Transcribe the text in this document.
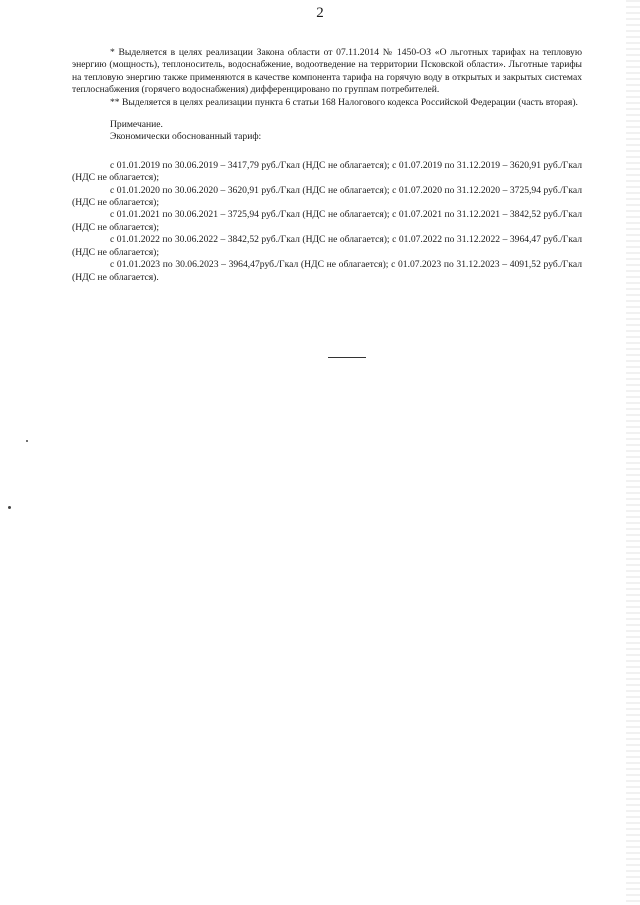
2

* Выделяется в целях реализации Закона области от 07.11.2014 № 1450-ОЗ «О льготных тарифах на тепловую энергию (мощность), теплоноситель, водоснабжение, водоотведение на территории Псковской области». Льготные тарифы на тепловую энергию также применяются в качестве компонента тарифа на горячую воду в открытых и закрытых системах теплоснабжения (горячего водоснабжения) дифференцировано по группам потребителей.

** Выделяется в целях реализации пункта 6 статьи 168 Налогового кодекса Российской Федерации (часть вторая).

Примечание.

Экономически обоснованный тариф:

с 01.01.2019 по 30.06.2019 – 3417,79 руб./Гкал (НДС не облагается); с 01.07.2019 по 31.12.2019 – 3620,91 руб./Гкал (НДС не облагается);

с 01.01.2020 по 30.06.2020 – 3620,91 руб./Гкал (НДС не облагается); с 01.07.2020 по 31.12.2020 – 3725,94 руб./Гкал (НДС не облагается);

с 01.01.2021 по 30.06.2021 – 3725,94 руб./Гкал (НДС не облагается); с 01.07.2021 по 31.12.2021 – 3842,52 руб./Гкал (НДС не облагается);

с 01.01.2022 по 30.06.2022 – 3842,52 руб./Гкал (НДС не облагается); с 01.07.2022 по 31.12.2022 – 3964,47 руб./Гкал (НДС не облагается);

с 01.01.2023 по 30.06.2023 – 3964,47руб./Гкал (НДС не облагается); с 01.07.2023 по 31.12.2023 – 4091,52 руб./Гкал (НДС не облагается).
